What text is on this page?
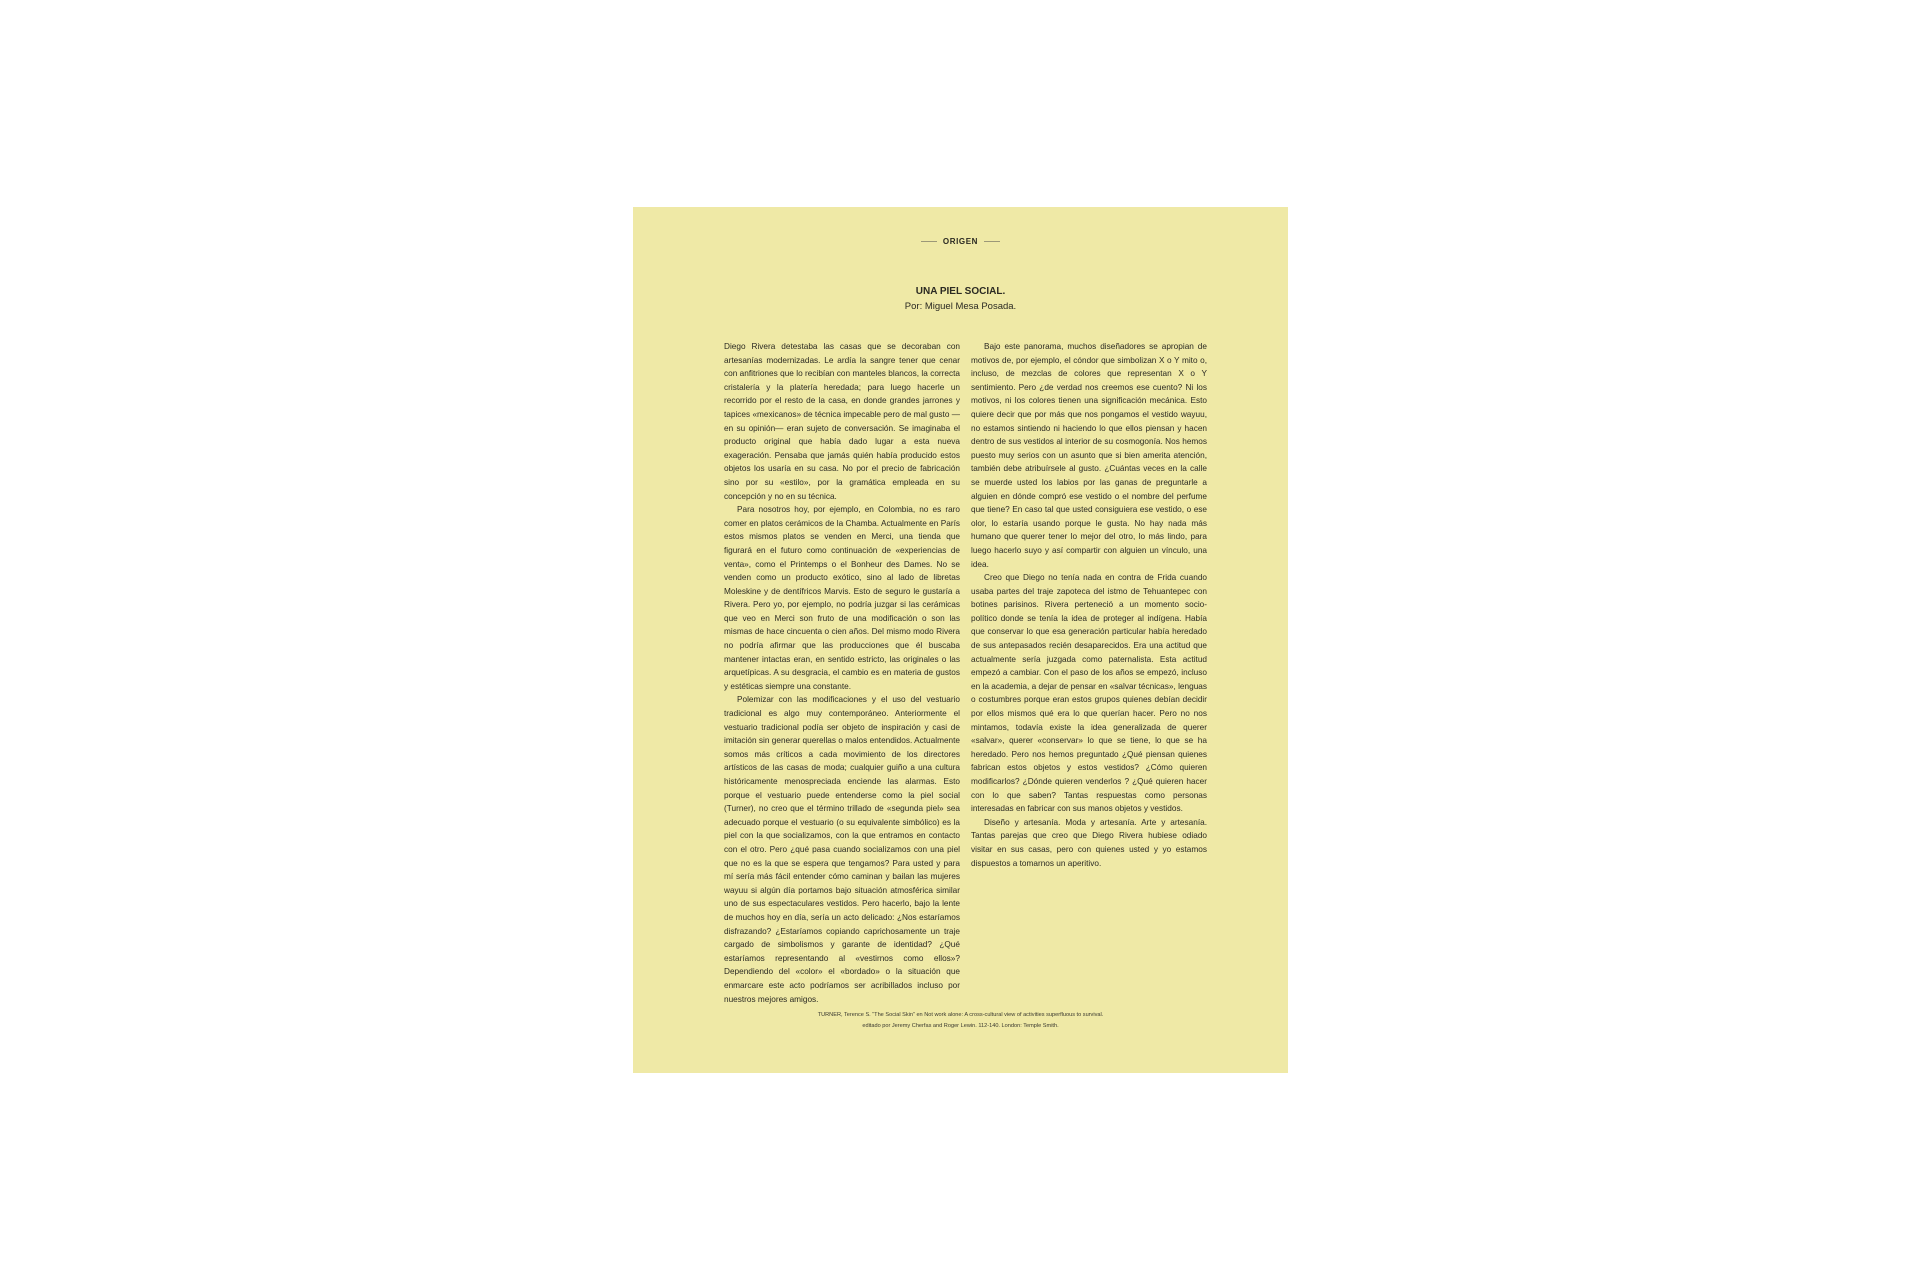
ORIGEN
UNA PIEL SOCIAL.
Por: Miguel Mesa Posada.

Diego Rivera detestaba las casas que se decoraban con artesanías modernizadas. Le ardía la sangre tener que cenar con anfitriones que lo recibían con manteles blancos, la correcta cristalería y la platería heredada; para luego hacerle un recorrido por el resto de la casa, en donde grandes jarrones y tapices «mexicanos» de técnica impecable pero de mal gusto —en su opinión— eran sujeto de conversación. Se imaginaba el producto original que había dado lugar a esta nueva exageración. Pensaba que jamás quién había producido estos objetos los usaría en su casa. No por el precio de fabricación sino por su «estilo», por la gramática empleada en su concepción y no en su técnica.

Para nosotros hoy, por ejemplo, en Colombia, no es raro comer en platos cerámicos de la Chamba. Actualmente en París estos mismos platos se venden en Merci, una tienda que figurará en el futuro como continuación de «experiencias de venta», como el Printemps o el Bonheur des Dames. No se venden como un producto exótico, sino al lado de libretas Moleskine y de dentífricos Marvis. Esto de seguro le gustaría a Rivera. Pero yo, por ejemplo, no podría juzgar si las cerámicas que veo en Merci son fruto de una modificación o son las mismas de hace cincuenta o cien años. Del mismo modo Rivera no podría afirmar que las producciones que él buscaba mantener intactas eran, en sentido estricto, las originales o las arquetípicas. A su desgracia, el cambio es en materia de gustos y estéticas siempre una constante.

Polemizar con las modificaciones y el uso del vestuario tradicional es algo muy contemporáneo. Anteriormente el vestuario tradicional podía ser objeto de inspiración y casi de imitación sin generar querellas o malos entendidos. Actualmente somos más críticos a cada movimiento de los directores artísticos de las casas de moda; cualquier guiño a una cultura históricamente menospreciada enciende las alarmas. Esto porque el vestuario puede entenderse como la piel social (Turner), no creo que el término trillado de «segunda piel» sea adecuado porque el vestuario (o su equivalente simbólico) es la piel con la que socializamos, con la que entramos en contacto con el otro. Pero ¿qué pasa cuando socializamos con una piel que no es la que se espera que tengamos? Para usted y para mí sería más fácil entender cómo caminan y bailan las mujeres wayuu si algún día portamos bajo situación atmosférica similar uno de sus espectaculares vestidos. Pero hacerlo, bajo la lente de muchos hoy en día, sería un acto delicado: ¿Nos estaríamos disfrazando? ¿Estaríamos copiando caprichosamente un traje cargado de simbolismos y garante de identidad? ¿Qué estaríamos representando al «vestirnos como ellos»? Dependiendo del «color» el «bordado» o la situación que enmarcare este acto podríamos ser acribillados incluso por nuestros mejores amigos.

Bajo este panorama, muchos diseñadores se apropian de motivos de, por ejemplo, el cóndor que simbolizan X o Y mito o, incluso, de mezclas de colores que representan X o Y sentimiento. Pero ¿de verdad nos creemos ese cuento? Ni los motivos, ni los colores tienen una significación mecánica. Esto quiere decir que por más que nos pongamos el vestido wayuu, no estamos sintiendo ni haciendo lo que ellos piensan y hacen dentro de sus vestidos al interior de su cosmogonía. Nos hemos puesto muy serios con un asunto que si bien amerita atención, también debe atribuírsele al gusto. ¿Cuántas veces en la calle se muerde usted los labios por las ganas de preguntarle a alguien en dónde compró ese vestido o el nombre del perfume que tiene? En caso tal que usted consiguiera ese vestido, o ese olor, lo estaría usando porque le gusta. No hay nada más humano que querer tener lo mejor del otro, lo más lindo, para luego hacerlo suyo y así compartir con alguien un vínculo, una idea.

Creo que Diego no tenía nada en contra de Frida cuando usaba partes del traje zapoteca del istmo de Tehuantepec con botines parisinos. Rivera perteneció a un momento socio-político donde se tenía la idea de proteger al indígena. Había que conservar lo que esa generación particular había heredado de sus antepasados recién desaparecidos. Era una actitud que actualmente sería juzgada como paternalista. Esta actitud empezó a cambiar. Con el paso de los años se empezó, incluso en la academia, a dejar de pensar en «salvar técnicas», lenguas o costumbres porque eran estos grupos quienes debían decidir por ellos mismos qué era lo que querían hacer. Pero no nos mintamos, todavía existe la idea generalizada de querer «salvar», querer «conservar» lo que se tiene, lo que se ha heredado. Pero nos hemos preguntado ¿Qué piensan quienes fabrican estos objetos y estos vestidos? ¿Cómo quieren modificarlos? ¿Dónde quieren venderlos ? ¿Qué quieren hacer con lo que saben? Tantas respuestas como personas interesadas en fabricar con sus manos objetos y vestidos.

Diseño y artesanía. Moda y artesanía. Arte y artesanía. Tantas parejas que creo que Diego Rivera hubiese odiado visitar en sus casas, pero con quienes usted y yo estamos dispuestos a tomarnos un aperitivo.

TURNER, Terence S. “The Social Skin” en Not work alone: A cross-cultural view of activities superfluous to survival.
editado por Jeremy Cherfas and Roger Lewin. 112-140. London: Temple Smith.
